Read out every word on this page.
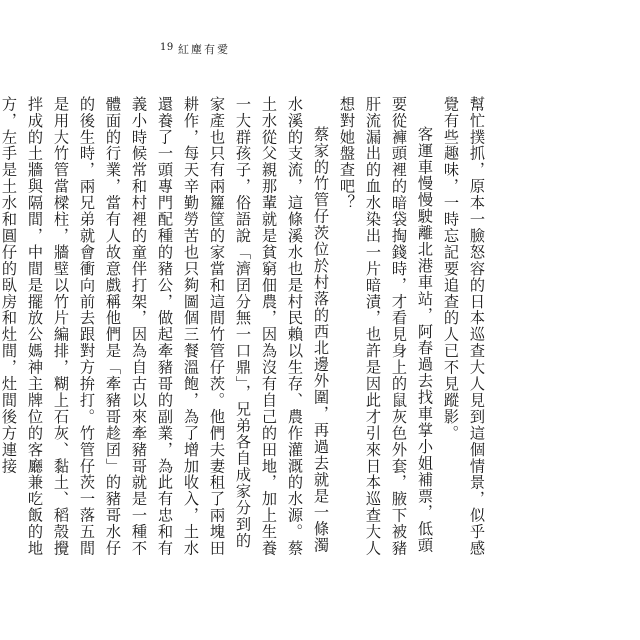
19 紅塵有愛

幫忙撲抓，原本一臉怒容的日本巡查大人見到這個情景，似乎感覺有些趣味，一時忘記要追查的人已不見蹤影。

客運車慢慢駛離北港車站，阿春過去找車掌小姐補票，低頭要從褲頭裡的暗袋掏錢時，才看見身上的鼠灰色外套，腋下被豬肝流漏出的血水染出一片暗漬，也許是因此才引來日本巡查大人想對她盤查吧？

蔡家的竹管仔茨位於村落的西北邊外圍，再過去就是一條濁水溪的支流，這條溪水也是村民賴以生存、農作灌溉的水源。蔡土水從父親那輩就是貧窮佃農，因為沒有自己的田地，加上生養一大群孩子，俗語說「濟囝分無一口鼎」，兄弟各自成家分到的家產也只有兩籮筐的家當和這間竹管仔茨。他們夫妻租了兩塊田耕作，每天辛勤勞苦也只夠圖個三餐溫飽，為了增加收入，土水還養了一頭專門配種的豬公，做起牽豬哥的副業，為此有忠和有義小時候常和村裡的童伴打架，因為自古以來牽豬哥就是一種不體面的行業，當有人故意戲稱他們是「牽豬哥趁囝」的豬哥水仔的後生時，兩兄弟就會衝向前去跟對方拚打。竹管仔茨一落五間是用大竹管當樑柱，牆壁以竹片編排，糊上石灰、黏土、稻殼攪拌成的土牆與隔間，中間是擺放公媽神主牌位的客廳兼吃飯的地方，左手是土水和圓仔的臥房和灶間，灶間後方連接
